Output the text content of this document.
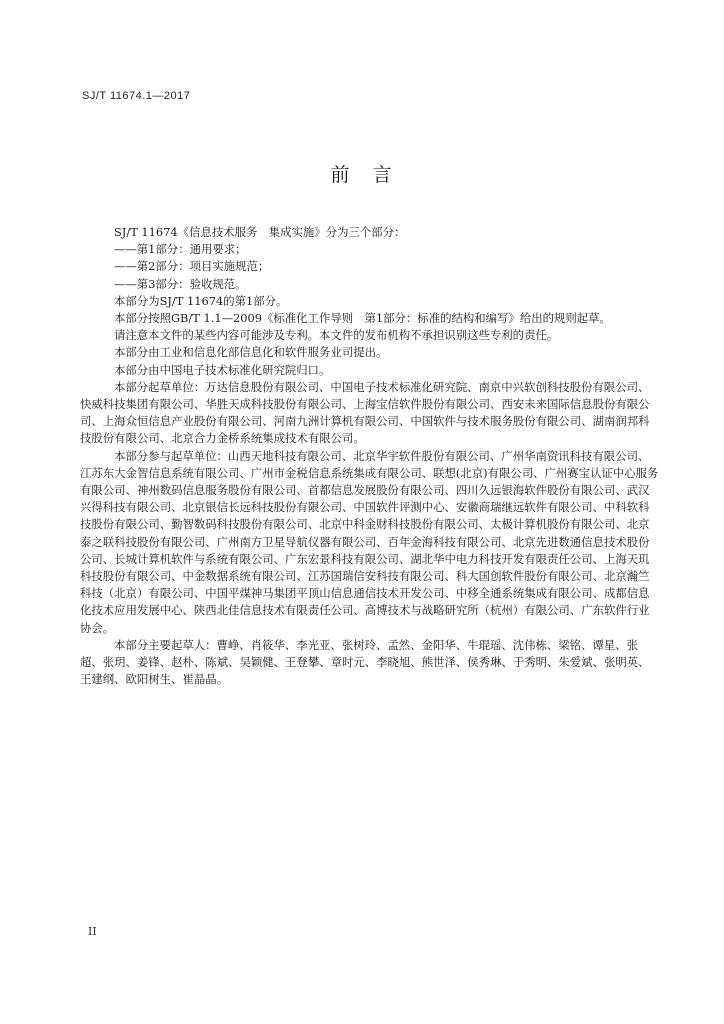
SJ/T 11674.1—2017
前　言

SJ/T 11674《信息技术服务　集成实施》分为三个部分：

——第1部分：通用要求；

——第2部分：项目实施规范；

——第3部分：验收规范。

本部分为SJ/T 11674的第1部分。

本部分按照GB/T 1.1—2009《标准化工作导则　第1部分：标准的结构和编写》给出的规则起草。

请注意本文件的某些内容可能涉及专利。本文件的发布机构不承担识别这些专利的责任。

本部分由工业和信息化部信息化和软件服务业司提出。

本部分由中国电子技术标准化研究院归口。

本部分起草单位：万达信息股份有限公司、中国电子技术标准化研究院、南京中兴软创科技股份有限公司、快威科技集团有限公司、华胜天成科技股份有限公司、上海宝信软件股份有限公司、西安未来国际信息股份有限公司、上海众恒信息产业股份有限公司、河南九洲计算机有限公司、中国软件与技术服务股份有限公司、湖南润邦科技股份有限公司、北京合力金桥系统集成技术有限公司。

本部分参与起草单位：山西天地科技有限公司、北京华宇软件股份有限公司、广州华南资讯科技有限公司、江苏东大金智信息系统有限公司、广州市金税信息系统集成有限公司、联想(北京)有限公司、广州赛宝认证中心服务有限公司、神州数码信息服务股份有限公司、首都信息发展股份有限公司、四川久远银海软件股份有限公司、武汉兴得科技有限公司、北京银信长远科技股份有限公司、中国软件评测中心、安徽商瑞继远软件有限公司、中科软科技股份有限公司、勤智数码科技股份有限公司、北京中科金财科技股份有限公司、太极计算机股份有限公司、北京泰之联科技股份有限公司、广州南方卫星导航仪器有限公司、百年金海科技有限公司、北京先进数通信息技术股份公司、长城计算机软件与系统有限公司、广东宏景科技有限公司、湖北华中电力科技开发有限责任公司、上海天玑科技股份有限公司、中金数据系统有限公司、江苏国瑞信安科技有限公司、科大国创软件股份有限公司、北京瀚竺科技（北京）有限公司、中国平煤神马集团平顶山信息通信技术开发公司、中移全通系统集成有限公司、成都信息化技术应用发展中心、陕西北佳信息技术有限责任公司、高博技术与战略研究所（杭州）有限公司、广东软件行业协会。

本部分主要起草人：曹峥、肖筱华、李光亚、张树玲、孟然、金阳华、牛琨瑶、沈伟栋、梁铭、谭星、张超、张玥、姜锋、赵朴、陈斌、吴颖健、王登攀、章时元、李晓旭、熊世泽、侯秀琳、于秀明、朱爱斌、张明英、王建纲、欧阳树生、崔晶晶。

II
